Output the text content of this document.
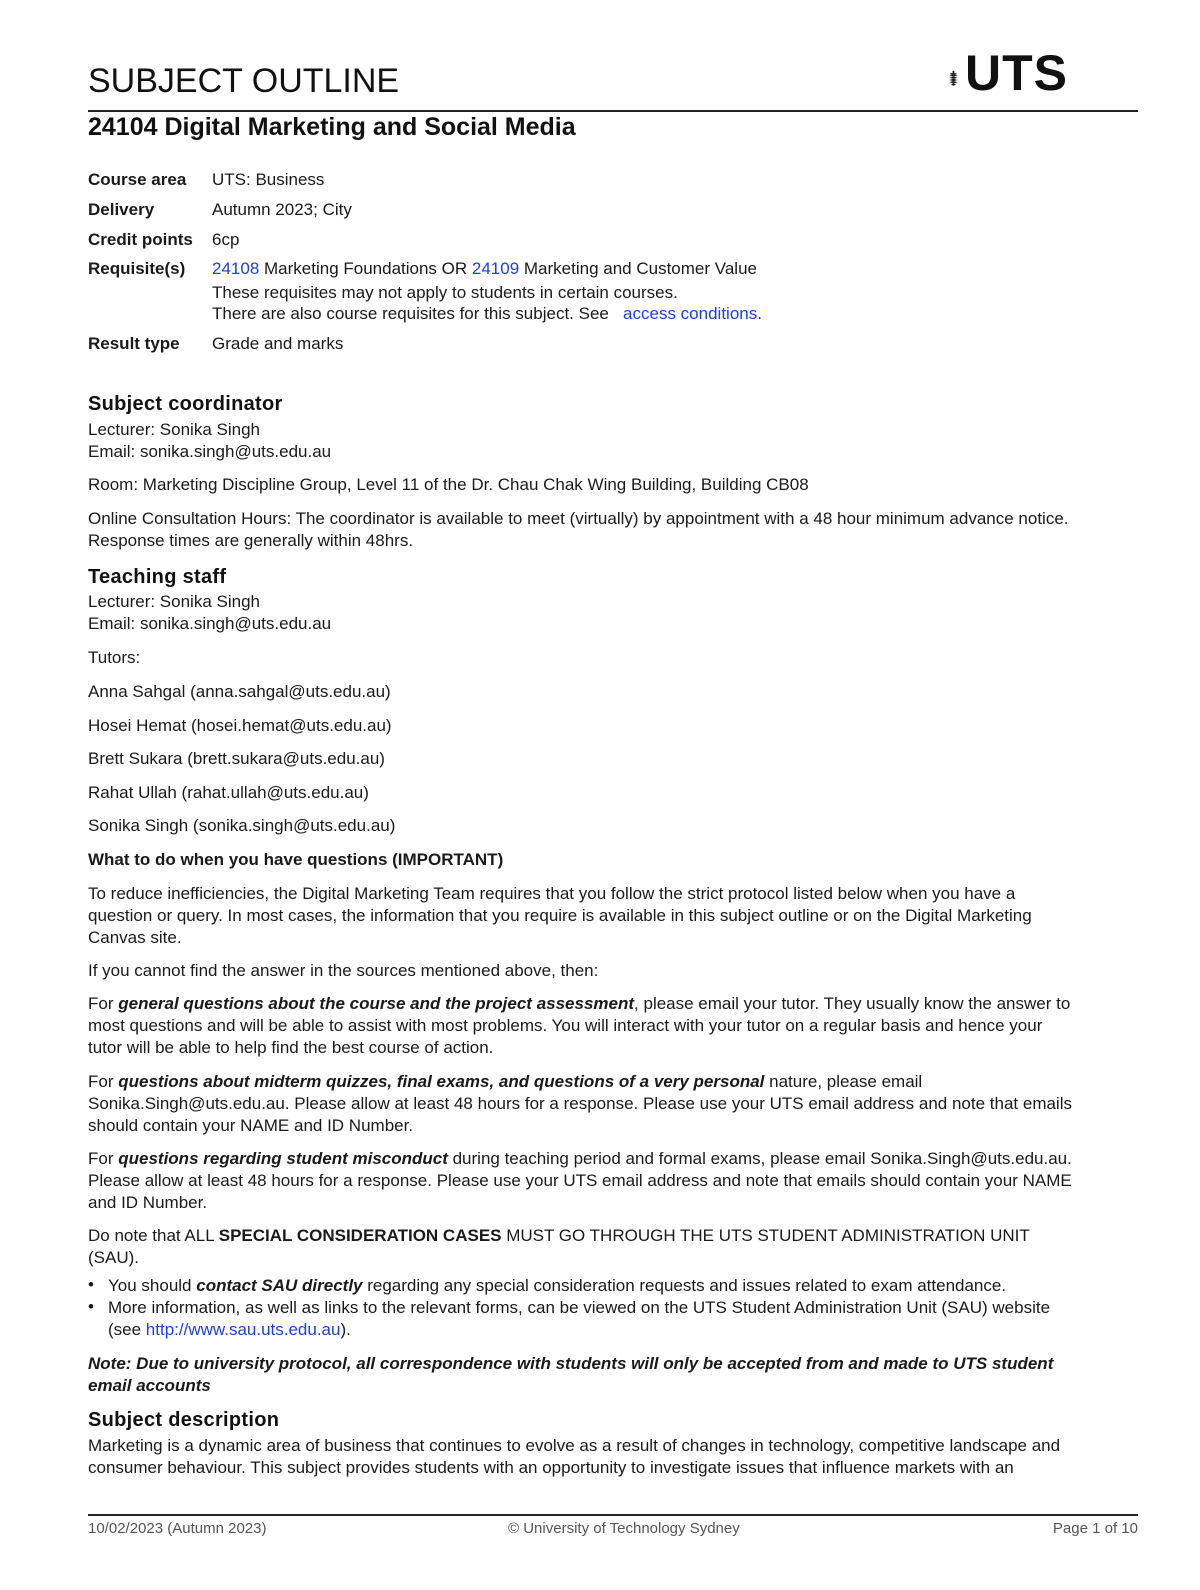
SUBJECT OUTLINE	UTS
24104 Digital Marketing and Social Media
Course area UTS: Business
Delivery	Autumn 2023; City
Credit points 6cp
Requisite(s) 24108 Marketing Foundations OR 24109 Marketing and Customer Value
These requisites may not apply to students in certain courses.
There are also course requisites for this subject. See access conditions.
Result type Grade and marks
Subject coordinator
Lecturer: Sonika Singh
Email: sonika.singh@uts.edu.au
Room: Marketing Discipline Group, Level 11 of the Dr. Chau Chak Wing Building, Building CB08
Online Consultation Hours: The coordinator is available to meet (virtually) by appointment with a 48 hour minimum advance notice.
Response times are generally within 48hrs.
Teaching staff
Lecturer: Sonika Singh
Email: sonika.singh@uts.edu.au
Tutors:
Anna Sahgal (anna.sahgal@uts.edu.au)
Hosei Hemat (hosei.hemat@uts.edu.au)
Brett Sukara (brett.sukara@uts.edu.au)
Rahat Ullah (rahat.ullah@uts.edu.au)
Sonika Singh (sonika.singh@uts.edu.au)
What to do when you have questions (IMPORTANT)
To reduce inefficiencies, the Digital Marketing Team requires that you follow the strict protocol listed below when you have a
question or query. In most cases, the information that you require is available in this subject outline or on the Digital Marketing
Canvas site.
If you cannot find the answer in the sources mentioned above, then:
For general questions about the course and the project assessment, please email your tutor. They usually know the answer to
most questions and will be able to assist with most problems. You will interact with your tutor on a regular basis and hence your
tutor will be able to help find the best course of action.
For questions about midterm quizzes, final exams, and questions of a very personal nature, please email
Sonika.Singh@uts.edu.au. Please allow at least 48 hours for a response. Please use your UTS email address and note that emails
should contain your NAME and ID Number.
For questions regarding student misconduct during teaching period and formal exams, please email Sonika.Singh@uts.edu.au.
Please allow at least 48 hours for a response. Please use your UTS email address and note that emails should contain your NAME
and ID Number.
Do note that ALL SPECIAL CONSIDERATION CASES MUST GO THROUGH THE UTS STUDENT ADMINISTRATION UNIT
(SAU).
• You should contact SAU directly regarding any special consideration requests and issues related to exam attendance.
• More information, as well as links to the relevant forms, can be viewed on the UTS Student Administration Unit (SAU) website
(see http://www.sau.uts.edu.au).
Note: Due to university protocol, all correspondence with students will only be accepted from and made to UTS student
email accounts
Subject description
Marketing is a dynamic area of business that continues to evolve as a result of changes in technology, competitive landscape and
consumer behaviour. This subject provides students with an opportunity to investigate issues that influence markets with an
10/02/2023 (Autumn 2023)	© University of Technology Sydney	Page 1 of 10
